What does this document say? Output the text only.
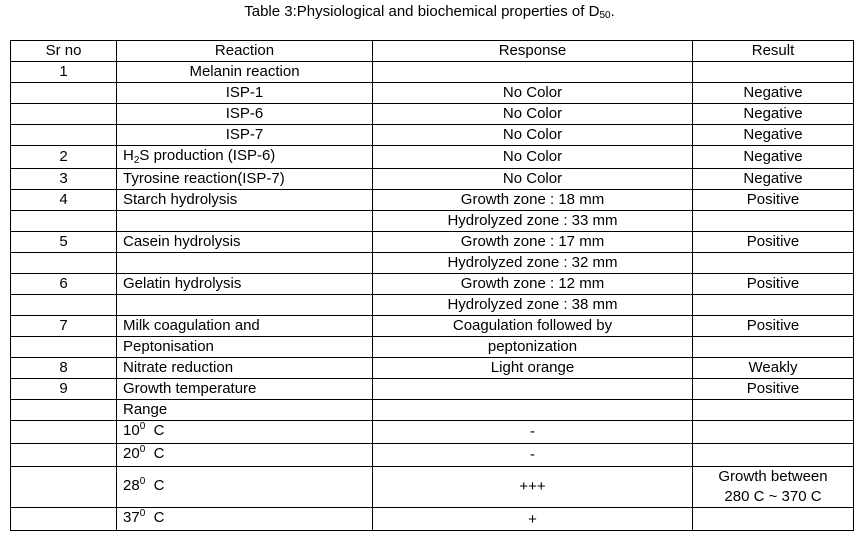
Table 3:Physiological and biochemical properties of $D_{50}$.
Sr no	Reaction	Response	Result
1	Melanin reaction		
	ISP-1	No Color	Negative
	ISP-6	No Color	Negative
	ISP-7	No Color	Negative
2	$H_2S$ production (ISP-6)	No Color	Negative
3	Tyrosine reaction(ISP-7)	No Color	Negative
4	Starch hydrolysis	Growth zone : 18 mm	Positive
		Hydrolyzed zone : 33 mm	
5	Casein hydrolysis	Growth zone : 17 mm	Positive
		Hydrolyzed zone : 32 mm	
6	Gelatin hydrolysis	Growth zone : 12 mm	Positive
		Hydrolyzed zone : 38 mm	
7	Milk coagulation and	Coagulation followed by	Positive
	Peptonisation	peptonization	
8	Nitrate reduction	Light orange	Weakly
9	Growth temperature		Positive
	Range		
	$10^0$  C	-	
	$20^0$  C	-	
	$28^0$  C	+++	Growth between
280 C ~ 370 C

	$37^0$  C	+	
